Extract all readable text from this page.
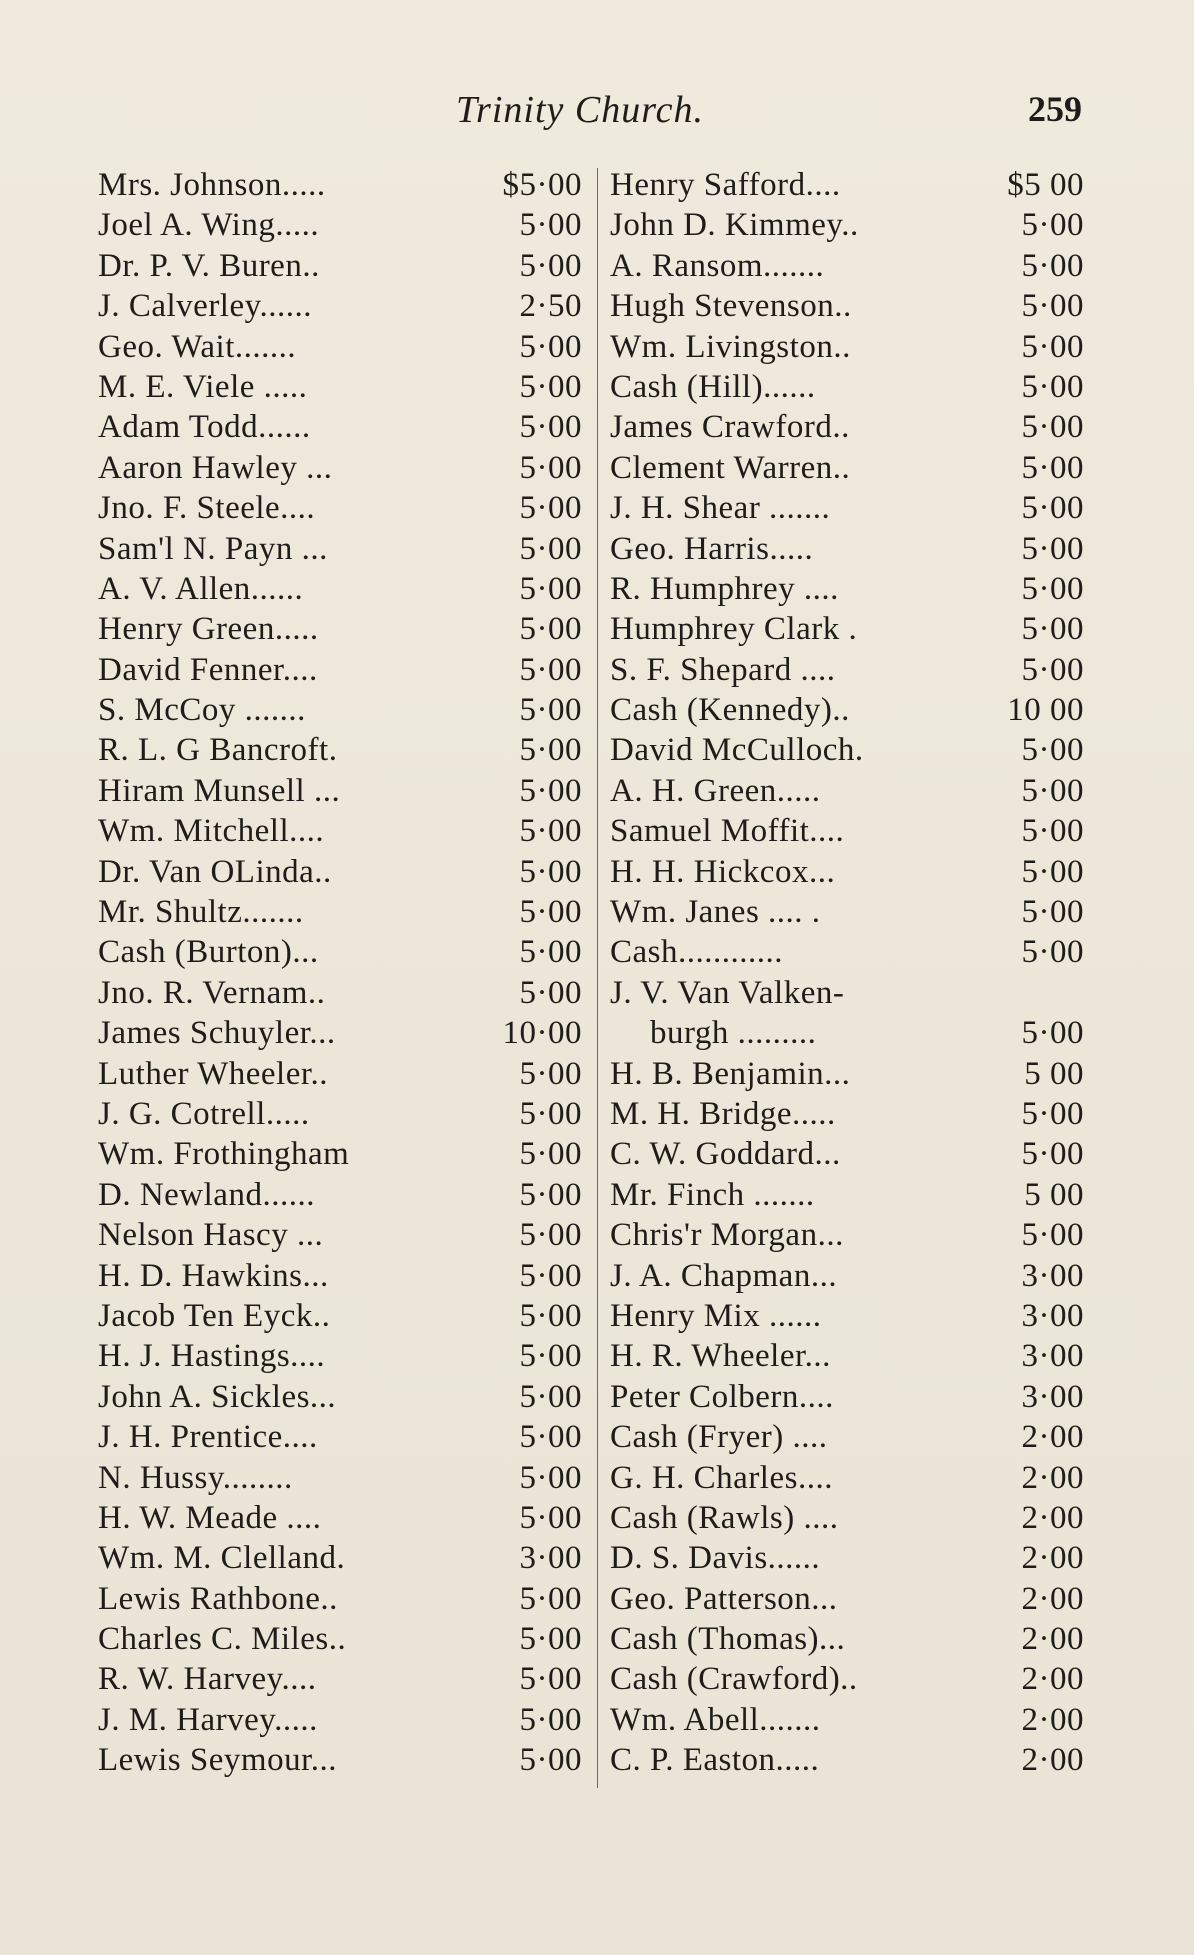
Trinity Church.	259
Mrs. Johnson.....	$5·00
Joel A. Wing.....	5·00
Dr. P. V. Buren..	5·00
J. Calverley......	2·50
Geo. Wait.......	5·00
M. E. Viele .....	5·00
Adam Todd......	5·00
Aaron Hawley ...	5·00
Jno. F. Steele....	5·00
Sam'l N. Payn ...	5·00
A. V. Allen......	5·00
Henry Green.....	5·00
David Fenner....	5·00
S. McCoy .......	5·00
R. L. G Bancroft.	5·00
Hiram Munsell ...	5·00
Wm. Mitchell....	5·00
Dr. Van OLinda..	5·00
Mr. Shultz.......	5·00
Cash (Burton)...	5·00
Jno. R. Vernam..	5·00
James Schuyler...	10·00
Luther Wheeler..	5·00
J. G. Cotrell.....	5·00
Wm. Frothingham	5·00
D. Newland......	5·00
Nelson Hascy ...	5·00
H. D. Hawkins...	5·00
Jacob Ten Eyck..	5·00
H. J. Hastings....	5·00
John A. Sickles...	5·00
J. H. Prentice....	5·00
N. Hussy........	5·00
H. W. Meade ....	5·00
Wm. M. Clelland.	3·00
Lewis Rathbone..	5·00
Charles C. Miles..	5·00
R. W. Harvey....	5·00
J. M. Harvey.....	5·00
Lewis Seymour...	5·00
Henry Safford....	$5 00
John D. Kimmey..	5·00
A. Ransom.......	5·00
Hugh Stevenson..	5·00
Wm. Livingston..	5·00
Cash (Hill)......	5·00
James Crawford..	5·00
Clement Warren..	5·00
J. H. Shear .......	5·00
Geo. Harris.....	5·00
R. Humphrey ....	5·00
Humphrey Clark .	5·00
S. F. Shepard ....	5·00
Cash (Kennedy)..	10 00
David McCulloch.	5·00
A. H. Green.....	5·00
Samuel Moffit....	5·00
H. H. Hickcox...	5·00
Wm. Janes .... .	5·00
Cash............	5·00
J. V. Van Valken-
burgh .........	5·00
H. B. Benjamin...	5 00
M. H. Bridge.....	5·00
C. W. Goddard...	5·00
Mr. Finch .......	5 00
Chris'r Morgan...	5·00
J. A. Chapman...	3·00
Henry Mix ......	3·00
H. R. Wheeler...	3·00
Peter Colbern....	3·00
Cash (Fryer) ....	2·00
G. H. Charles....	2·00
Cash (Rawls) ....	2·00
D. S. Davis......	2·00
Geo. Patterson...	2·00
Cash (Thomas)...	2·00
Cash (Crawford)..	2·00
Wm. Abell.......	2·00
C. P. Easton.....	2·00
